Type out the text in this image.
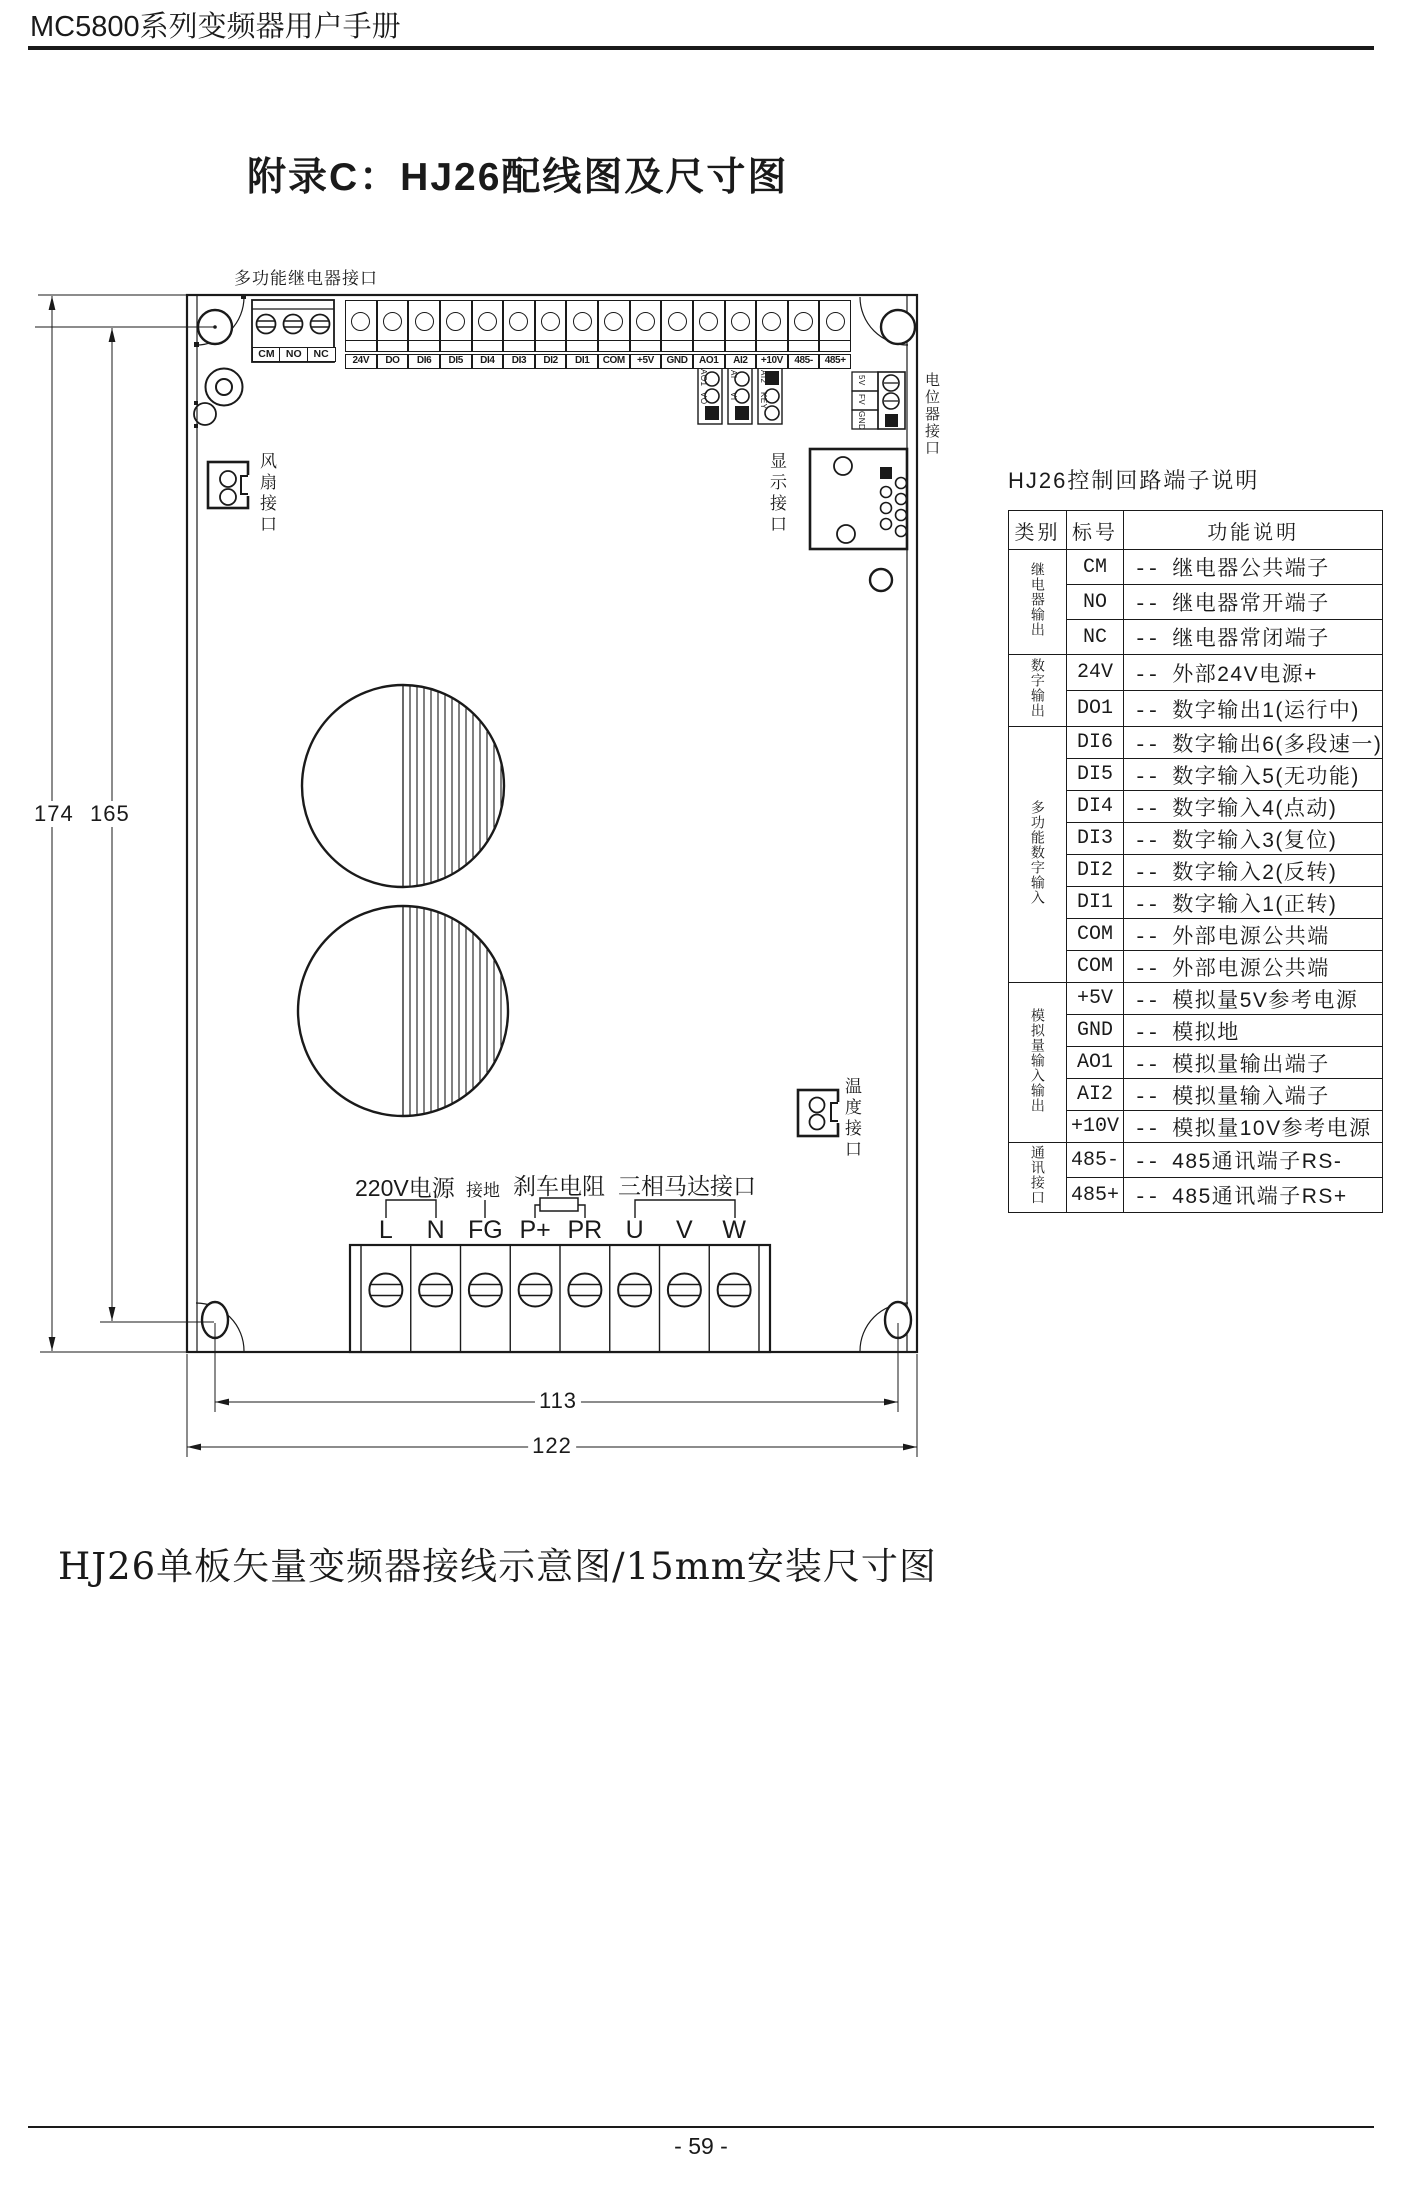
MC5800系列变频器用户手册
附录C：HJ26配线图及尺寸图
多功能继电器接口
24V	DO	DI6	DI5	DI4	DI3	DI2	DI1	COM	+5V	GND	AO1	AI2	+10V	485-	485+
CM	NO	NC
风扇接口	显示接口
电位器接口
温度接口
AO1
VO
AI
VI
AI2
KEY
5V
FV
GND
220V电源 接地 刹车电阻 三相马达接口
L	N FG P+ PR U	V	W
174 165
113
122
HJ26控制回路端子说明
类别	标号	功能说明
继电器输出	CM	-- 继电器公共端子
	NO	-- 继电器常开端子
	NC	-- 继电器常闭端子
数字输出	24V	-- 外部24V电源+
	DO1	-- 数字输出1(运行中)
多功能数字输入	DI6	-- 数字输出6(多段速一)
	DI5	-- 数字输入5(无功能)
	DI4	-- 数字输入4(点动)
	DI3	-- 数字输入3(复位)
	DI2	-- 数字输入2(反转)
	DI1	-- 数字输入1(正转)
	COM	-- 外部电源公共端
	COM	-- 外部电源公共端
模拟量输入输出	+5V	-- 模拟量5V参考电源
	GND	-- 模拟地
	AO1	-- 模拟量输出端子
	AI2	-- 模拟量输入端子
	+10V	-- 模拟量10V参考电源
通讯接口	485-	-- 485通讯端子RS-
	485+	-- 485通讯端子RS+
HJ26单板矢量变频器接线示意图/15mm安装尺寸图
- 59 -
